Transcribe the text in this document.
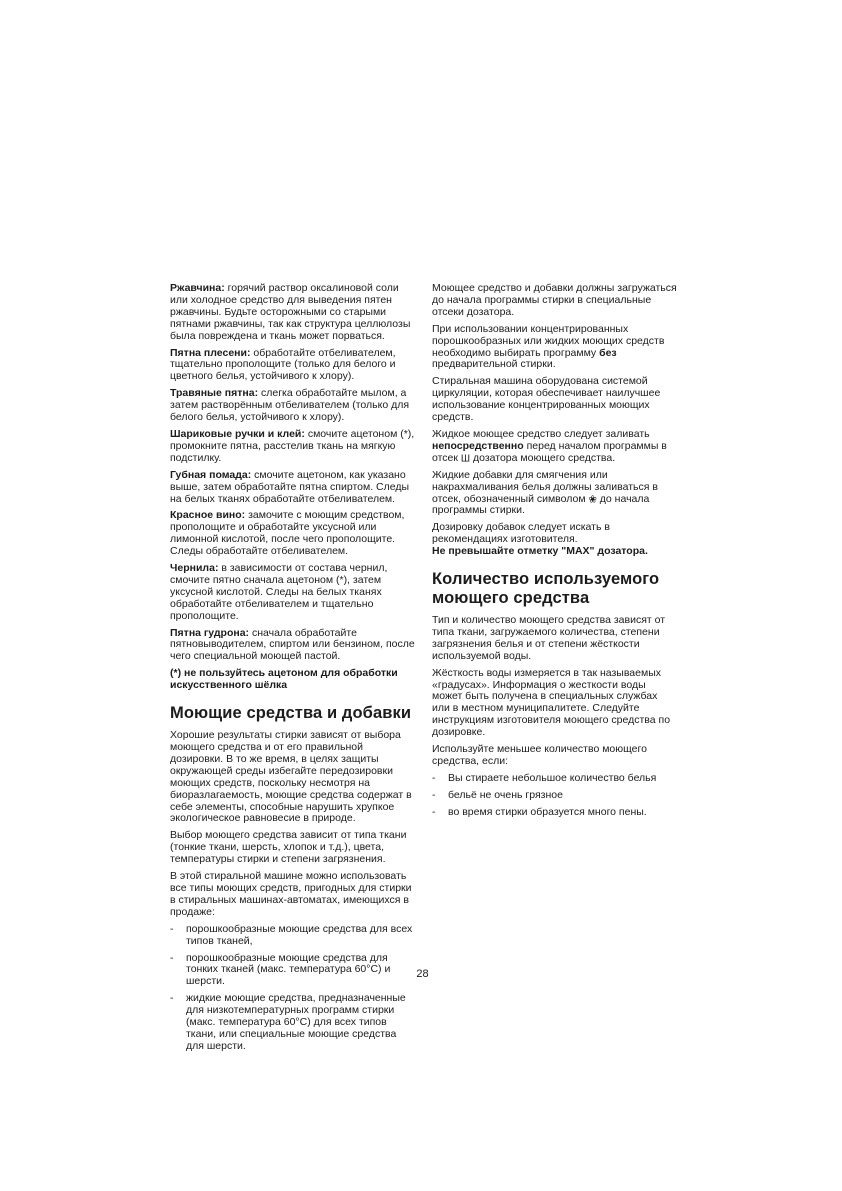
Ржавчина: горячий раствор оксалиновой соли или холодное средство для выведения пятен ржавчины. Будьте осторожными со старыми пятнами ржавчины, так как структура целлюлозы была повреждена и ткань может порваться.

Пятна плесени: обработайте отбеливателем, тщательно прополощите (только для белого и цветного белья, устойчивого к хлору).

Травяные пятна: слегка обработайте мылом, а затем растворённым отбеливателем (только для белого белья, устойчивого к хлору).

Шариковые ручки и клей: смочите ацетоном (*), промокните пятна, расстелив ткань на мягкую подстилку.

Губная помада: смочите ацетоном, как указано выше, затем обработайте пятна спиртом. Следы на белых тканях обработайте отбеливателем.

Красное вино: замочите с моющим средством, прополощите и обработайте уксусной или лимонной кислотой, после чего прополощите. Следы обработайте отбеливателем.

Чернила: в зависимости от состава чернил, смочите пятно сначала ацетоном (*), затем уксусной кислотой. Следы на белых тканях обработайте отбеливателем и тщательно прополощите.

Пятна гудрона: сначала обработайте пятновыводителем, спиртом или бензином, после чего специальной моющей пастой.

(*) не пользуйтесь ацетоном для обработки искусственного шёлка

Моющие средства и добавки

Хорошие результаты стирки зависят от выбора моющего средства и от его правильной дозировки. В то же время, в целях защиты окружающей среды избегайте передозировки моющих средств, поскольку несмотря на биоразлагаемость, моющие средства содержат в себе элементы, способные нарушить хрупкое экологическое равновесие в природе.

Выбор моющего средства зависит от типа ткани (тонкие ткани, шерсть, хлопок и т.д.), цвета, температуры стирки и степени загрязнения.

В этой стиральной машине можно использовать все типы моющих средств, пригодных для стирки в стиральных машинах-автоматах, имеющихся в продаже:

-	порошкообразные моющие средства для всех типов тканей,
-	порошкообразные моющие средства для тонких тканей (макс. температура 60°C) и шерсти.
-	жидкие моющие средства, предназначенные для низкотемпературных программ стирки (макс. температура 60°C) для всех типов ткани, или специальные моющие средства для шерсти.

Моющее средство и добавки должны загружаться до начала программы стирки в специальные отсеки дозатора.

При использовании концентрированных порошкообразных или жидких моющих средств необходимо выбирать программу без предварительной стирки.

Стиральная машина оборудована системой циркуляции, которая обеспечивает наилучшее использование концентрированных моющих средств.

Жидкое моющее средство следует заливать непосредственно перед началом программы в отсек Ш дозатора моющего средства.

Жидкие добавки для смягчения или накрахмаливания белья должны заливаться в отсек, обозначенный символом ❀ до начала программы стирки.

Дозировку добавок следует искать в рекомендациях изготовителя.
Не превышайте отметку "MAX" дозатора.

Количество используемого моющего средства

Тип и количество моющего средства зависят от типа ткани, загружаемого количества, степени загрязнения белья и от степени жёсткости используемой воды.

Жёсткость воды измеряется в так называемых «градусах». Информация о жесткости воды может быть получена в специальных службах или в местном муниципалитете. Следуйте инструкциям изготовителя моющего средства по дозировке.

Используйте меньшее количество моющего средства, если:

-	Вы стираете небольшое количество белья
-	бельё не очень грязное
-	во время стирки образуется много пены.
28
